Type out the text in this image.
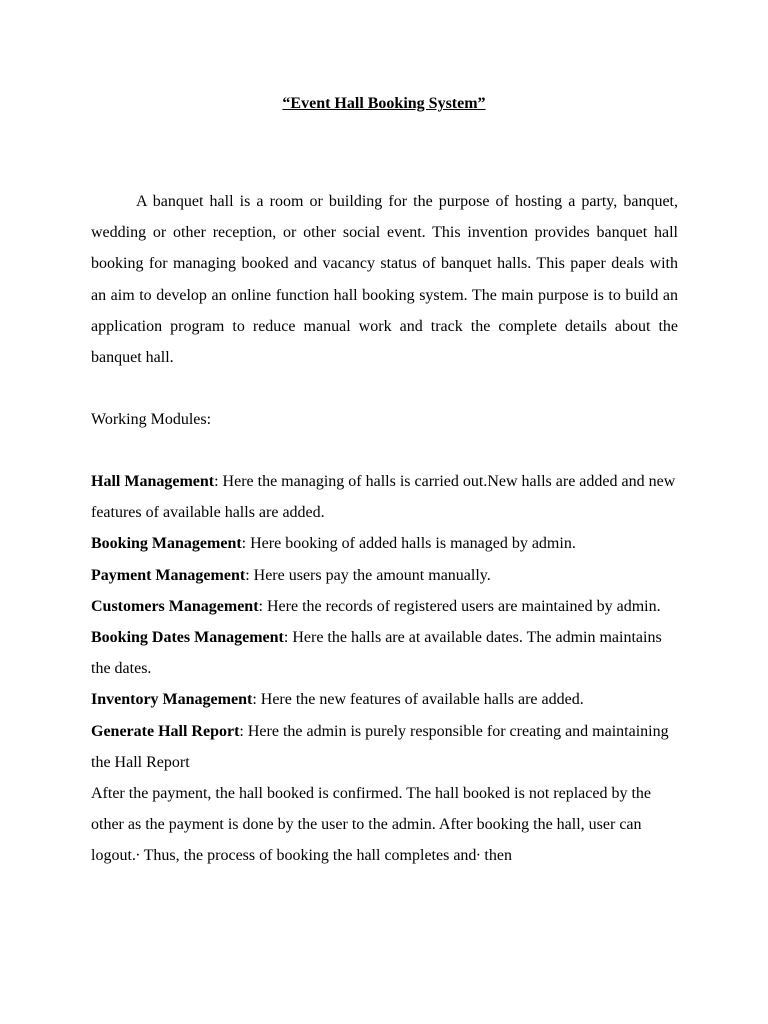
“Event Hall Booking System”

A banquet hall is a room or building for the purpose of hosting a party, banquet, wedding or other reception, or other social event. This invention provides banquet hall booking for managing booked and vacancy status of banquet halls. This paper deals with an aim to develop an online function hall booking system. The main purpose is to build an application program to reduce manual work and track the complete details about the banquet hall.

Working Modules:

Hall Management: Here the managing of halls is carried out.New halls are added and new features of available halls are added.

Booking Management: Here booking of added halls is managed by admin.

Payment Management: Here users pay the amount manually.

Customers Management: Here the records of registered users are maintained by admin.

Booking Dates Management: Here the halls are at available dates. The admin maintains the dates.

Inventory Management: Here the new features of available halls are added.

Generate Hall Report: Here the admin is purely responsible for creating and maintaining the Hall Report

After the payment, the hall booked is confirmed. The hall booked is not replaced by the other as the payment is done by the user to the admin. After booking the hall, user can logout.∙ Thus, the process of booking the hall completes and∙ then
